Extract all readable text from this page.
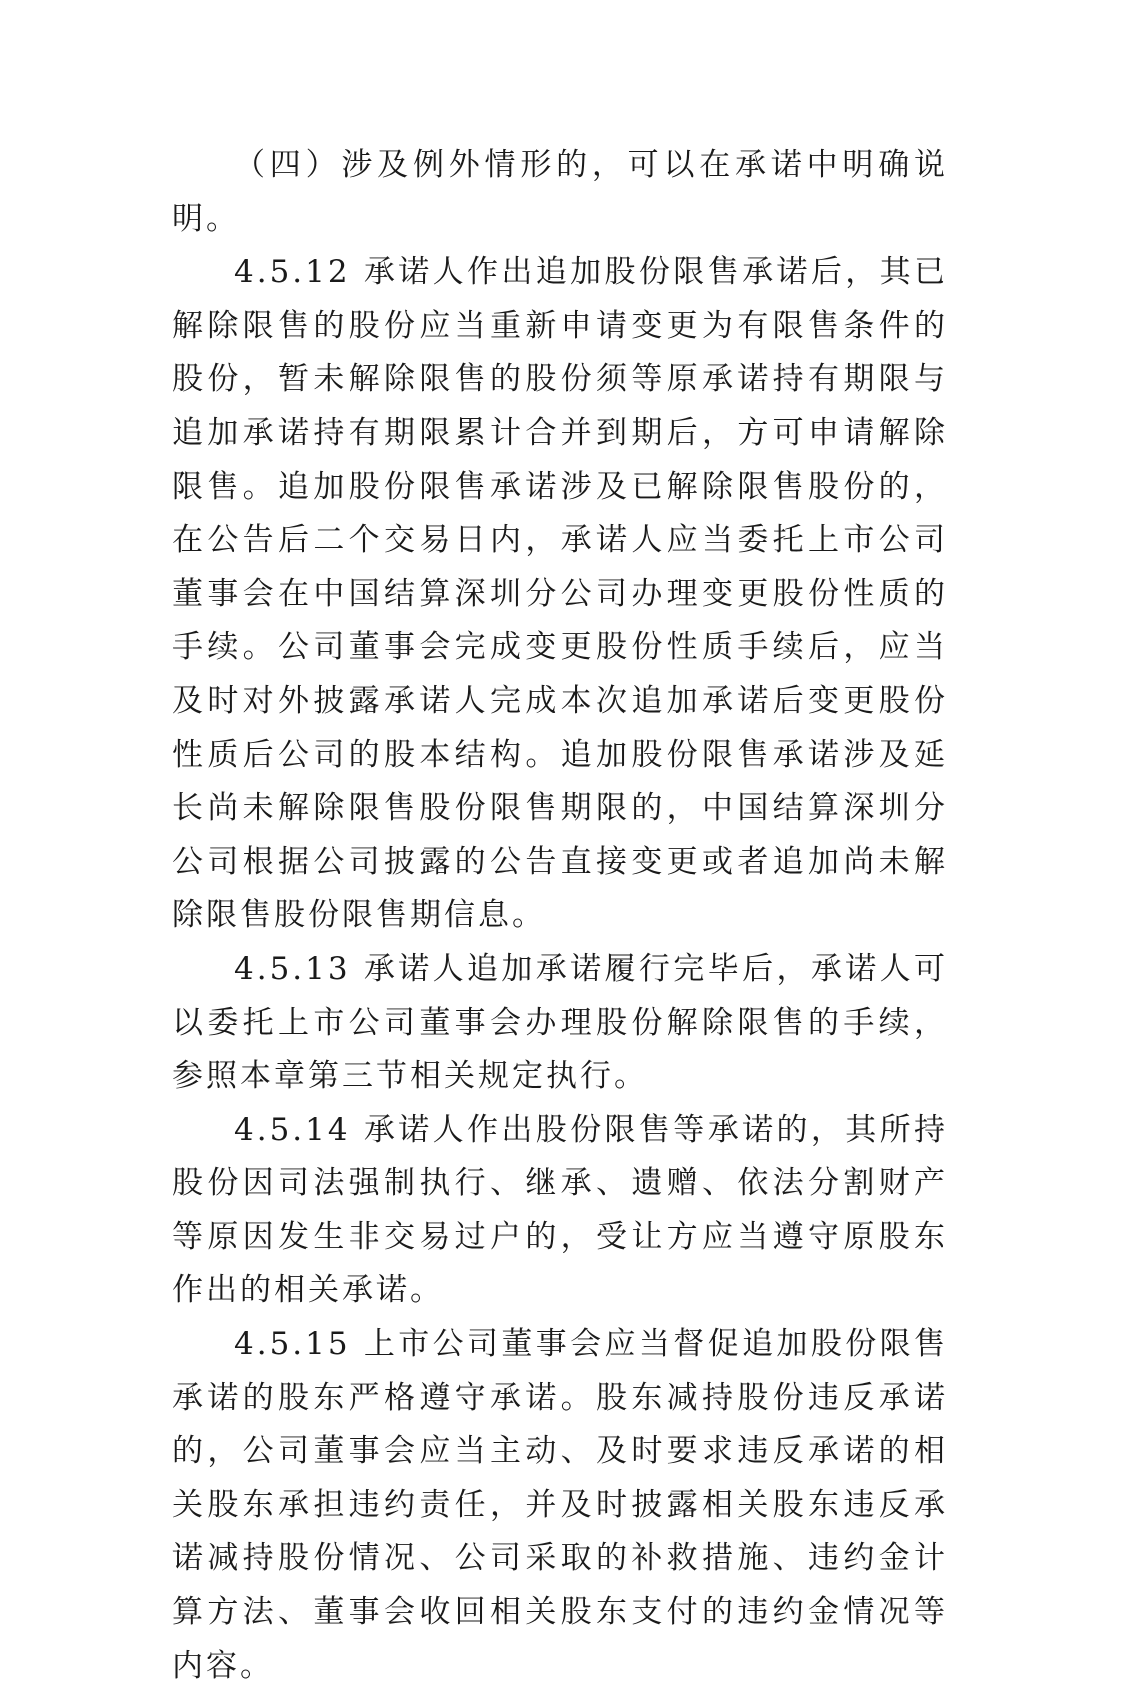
（四）涉及例外情形的，可以在承诺中明确说明。

4.5.12 承诺人作出追加股份限售承诺后，其已解除限售的股份应当重新申请变更为有限售条件的股份，暂未解除限售的股份须等原承诺持有期限与追加承诺持有期限累计合并到期后，方可申请解除限售。追加股份限售承诺涉及已解除限售股份的，在公告后二个交易日内，承诺人应当委托上市公司董事会在中国结算深圳分公司办理变更股份性质的手续。公司董事会完成变更股份性质手续后，应当及时对外披露承诺人完成本次追加承诺后变更股份性质后公司的股本结构。追加股份限售承诺涉及延长尚未解除限售股份限售期限的，中国结算深圳分公司根据公司披露的公告直接变更或者追加尚未解除限售股份限售期信息。

4.5.13 承诺人追加承诺履行完毕后，承诺人可以委托上市公司董事会办理股份解除限售的手续，参照本章第三节相关规定执行。

4.5.14 承诺人作出股份限售等承诺的，其所持股份因司法强制执行、继承、遗赠、依法分割财产等原因发生非交易过户的，受让方应当遵守原股东作出的相关承诺。

4.5.15 上市公司董事会应当督促追加股份限售承诺的股东严格遵守承诺。股东减持股份违反承诺的，公司董事会应当主动、及时要求违反承诺的相关股东承担违约责任，并及时披露相关股东违反承诺减持股份情况、公司采取的补救措施、违约金计算方法、董事会收回相关股东支付的违约金情况等内容。
